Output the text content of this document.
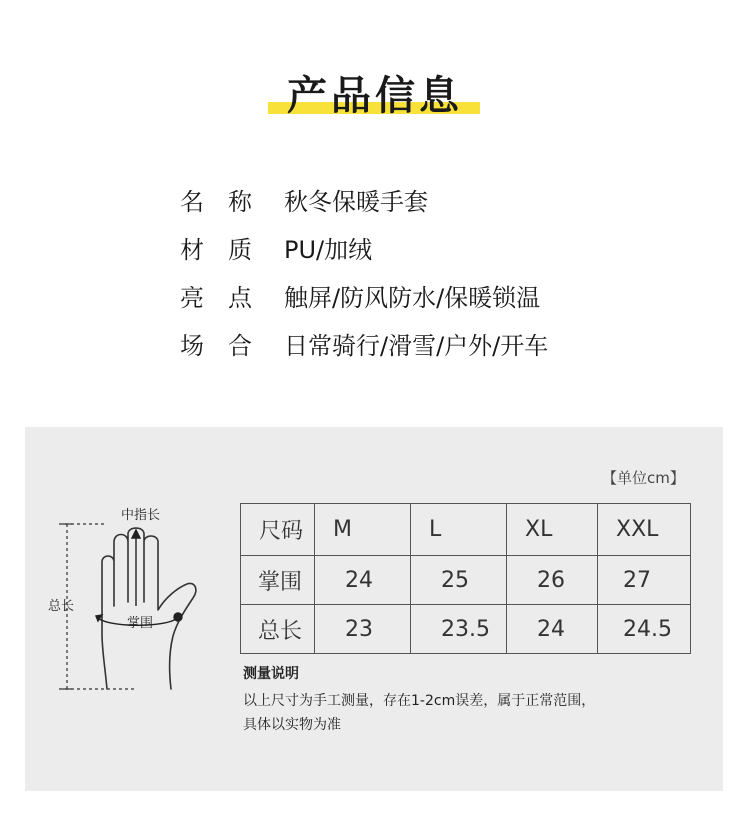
产品信息
名 称 秋冬保暖手套
材 质 PU/加绒
亮 点 触屏/防风防水/保暖锁温
场 合 日常骑行/滑雪/户外/开车
【单位cm】
中指长
总长
掌围
尺码	M	L	XL	XXL
掌围	24	25	26	27
总长	23	23.5	24	24.5
测量说明
以上尺寸为手工测量，存在1-2cm误差，属于正常范围，
具体以实物为准
